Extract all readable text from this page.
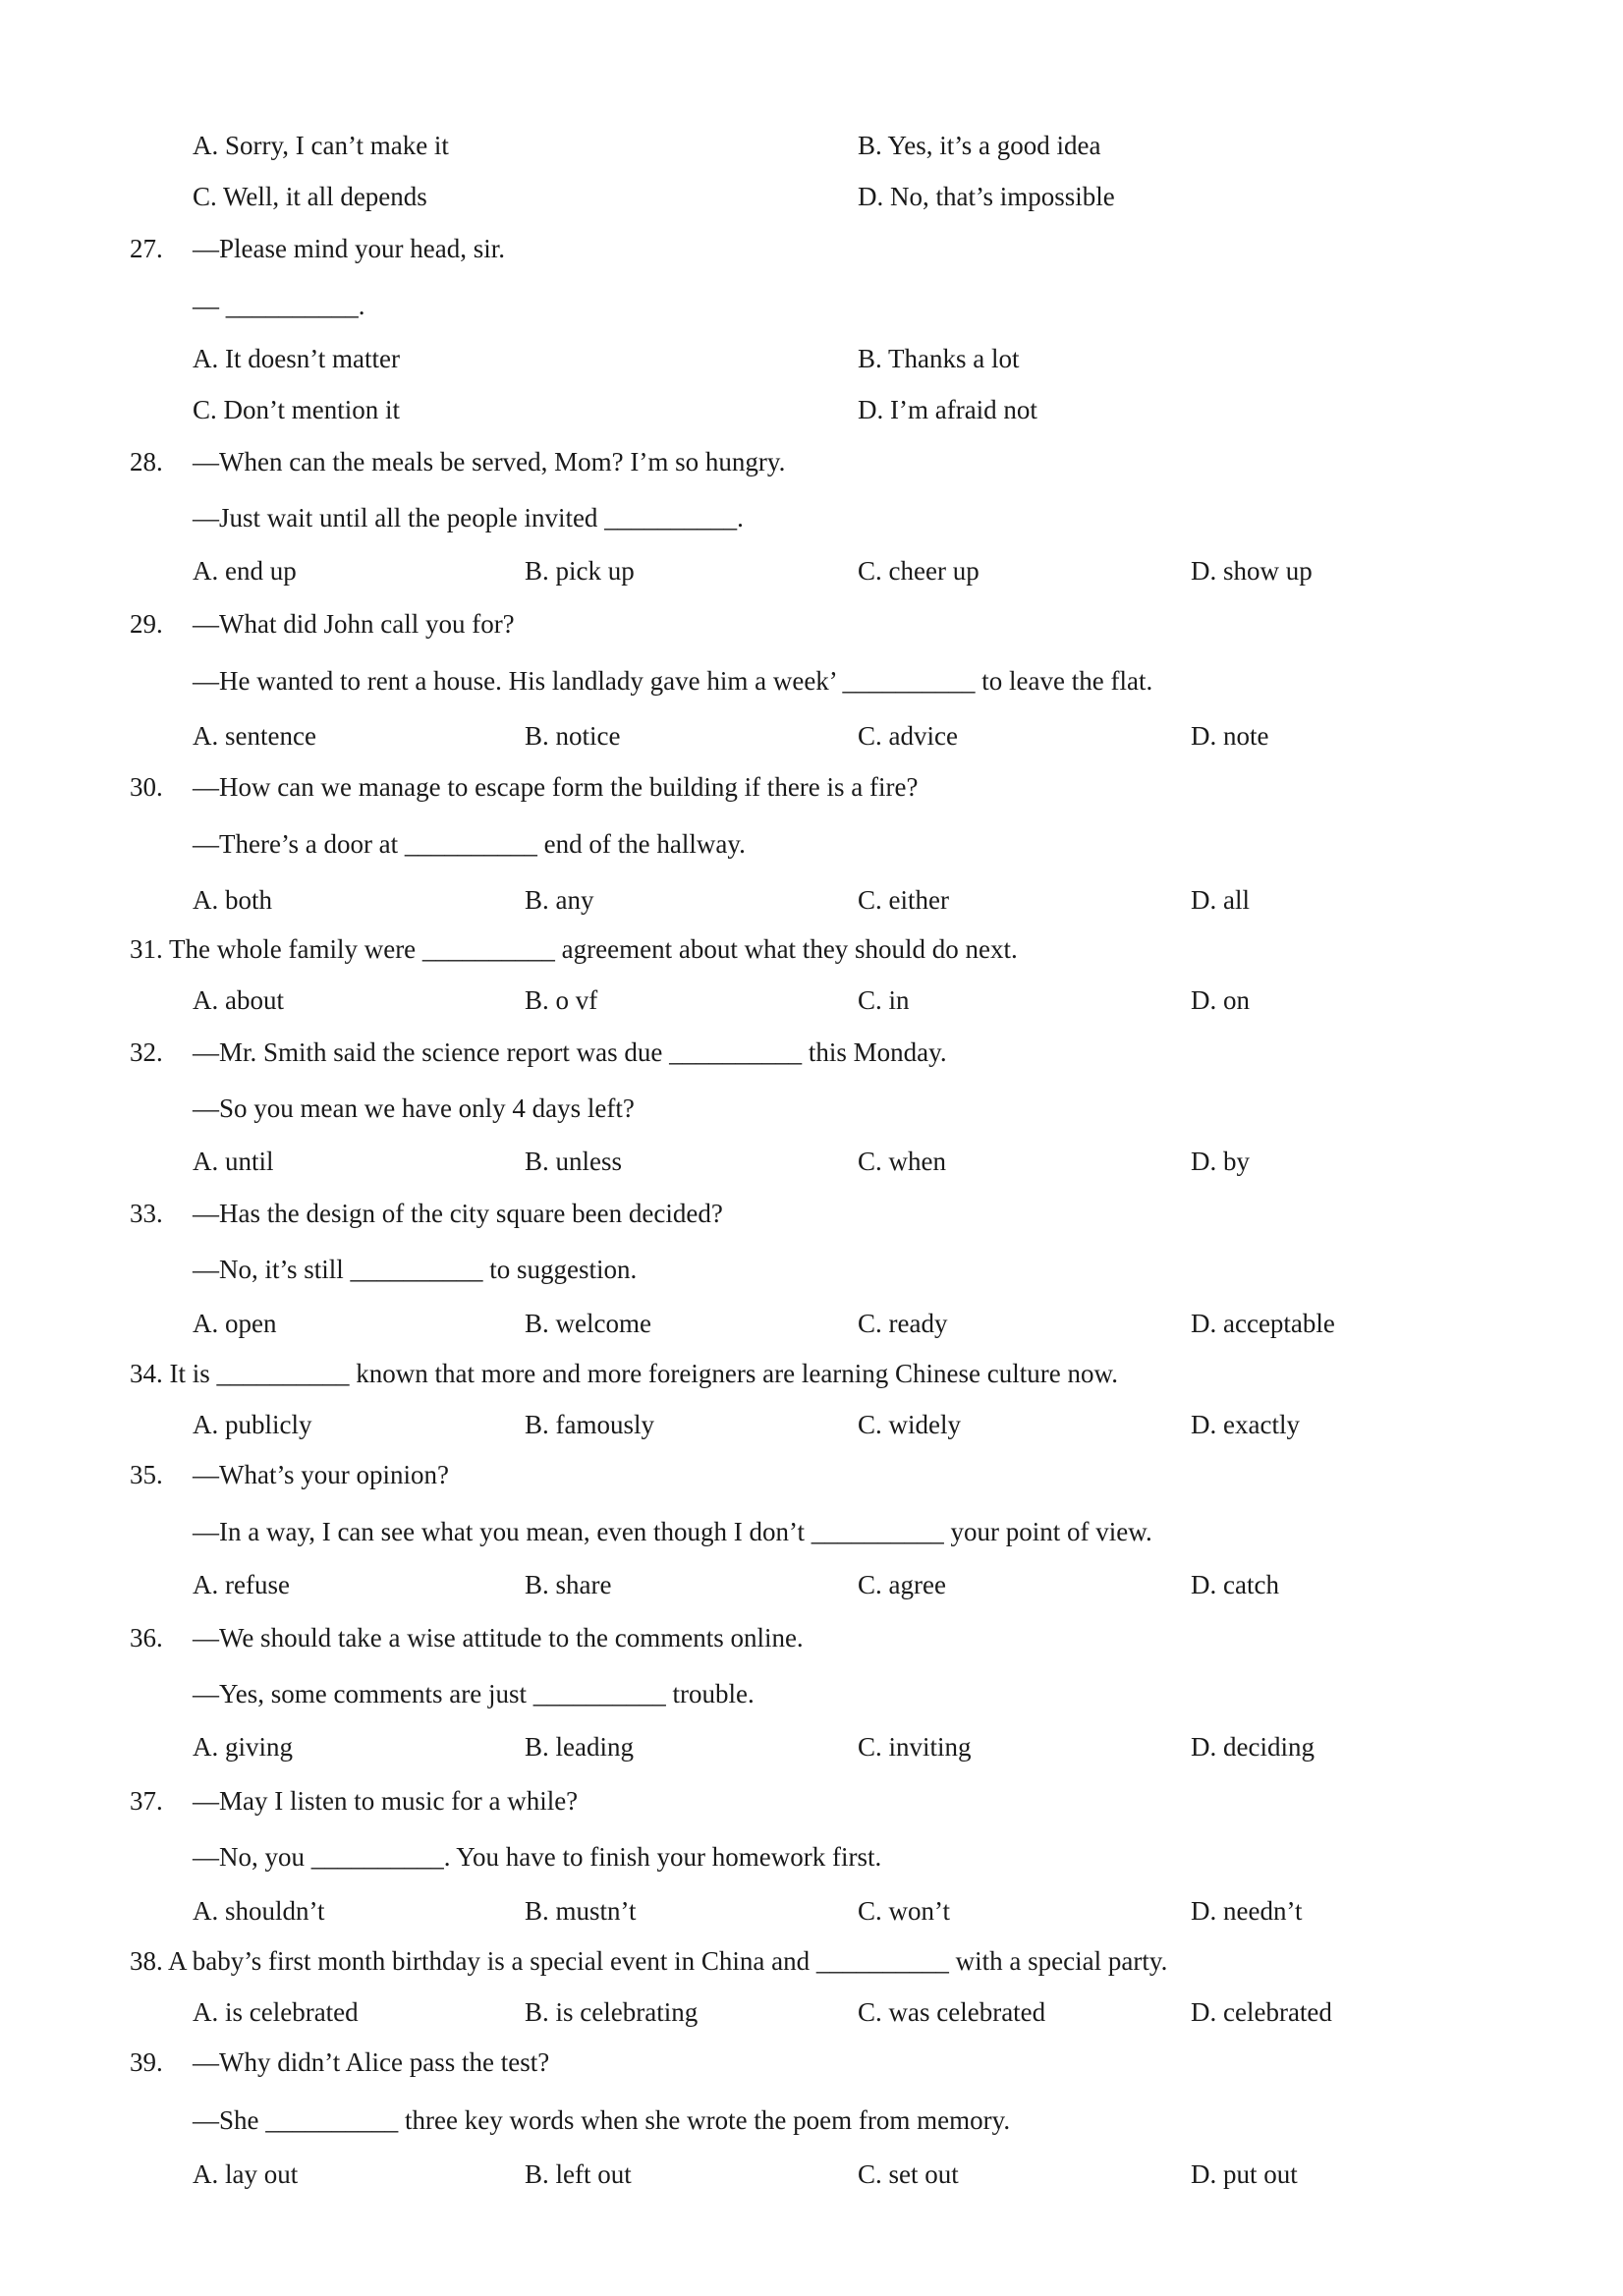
A. Sorry, I can’t make it	B. Yes, it’s a good idea
C. Well, it all depends	D. No, that’s impossible
27. —Please mind your head, sir.
— __________.
A. It doesn’t matter	B. Thanks a lot
C. Don’t mention it	D. I’m afraid not
28. —When can the meals be served, Mom? I’m so hungry.
—Just wait until all the people invited __________.
A. end up	B. pick up	C. cheer up	D. show up
29. —What did John call you for?
—He wanted to rent a house. His landlady gave him a week’ __________ to leave the flat.
A. sentence	B. notice	C. advice	D. note
30. —How can we manage to escape form the building if there is a fire?
—There’s a door at __________ end of the hallway.
A. both	B. any	C. either	D. all
31. The whole family were __________ agreement about what they should do next.
A. about	B. o vf	C. in	D. on
32. —Mr. Smith said the science report was due __________ this Monday.
—So you mean we have only 4 days left?
A. until	B. unless	C. when	D. by
33. —Has the design of the city square been decided?
—No, it’s still __________ to suggestion.
A. open	B. welcome	C. ready	D. acceptable
34. It is __________ known that more and more foreigners are learning Chinese culture now.
A. publicly	B. famously	C. widely	D. exactly
35. —What’s your opinion?
—In a way, I can see what you mean, even though I don’t __________ your point of view.
A. refuse	B. share	C. agree	D. catch
36. —We should take a wise attitude to the comments online.
—Yes, some comments are just __________ trouble.
A. giving	B. leading	C. inviting	D. deciding
37. —May I listen to music for a while?
—No, you __________. You have to finish your homework first.
A. shouldn’t	B. mustn’t	C. won’t	D. needn’t
38. A baby’s first month birthday is a special event in China and __________ with a special party.
A. is celebrated	B. is celebrating	C. was celebrated	D. celebrated
39. —Why didn’t Alice pass the test?
—She __________ three key words when she wrote the poem from memory.
A. lay out	B. left out	C. set out	D. put out
